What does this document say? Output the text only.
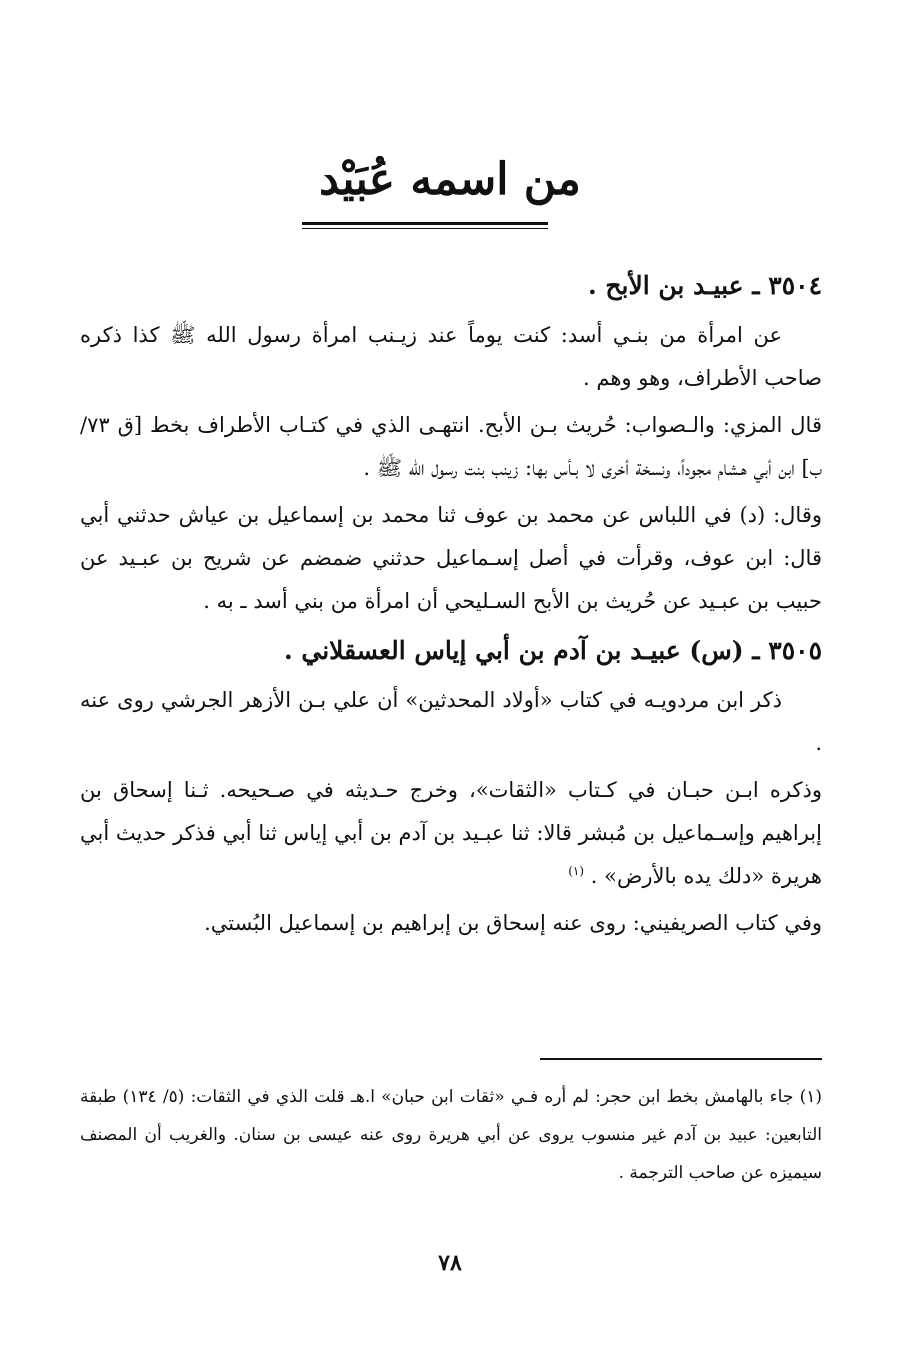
من اسمه عُبَيْد

٣٥٠٤ ـ عبيـد بن الأبح .

عن امرأة من بنـي أسد: كنت يوماً عند زيـنب امرأة رسول الله ﷺ كذا ذكره صاحب الأطراف، وهو وهم .

قال المزي: والـصواب: حُريث بـن الأبح. انتهـى الذي في كتـاب الأطراف بخط [ق ٧٣/ب] ابن أبي هـشام مجوداً، ونسخة أخرى لا بـأس بها: زينب بنت رسول الله ﷺ .

وقال: (د) في اللباس عن محمد بن عوف ثنا محمد بن إسماعيل بن عياش حدثني أبي قال: ابن عوف، وقرأت في أصل إسـماعيل حدثني ضمضم عن شريح بن عبـيد عن حبيب بن عبـيد عن حُريث بن الأبح السـليحي أن امرأة من بني أسد ـ به .

٣٥٠٥ ـ (س) عبيـد بن آدم بن أبي إياس العسقلاني .

ذكر ابن مردويـه في كتاب «أولاد المحدثين» أن علي بـن الأزهر الجرشي روى عنه .

وذكره ابـن حبـان في كـتاب «الثقات»، وخرج حـديثه في صـحيحه. ثـنا إسحاق بن إبراهيم وإسـماعيل بن مُبشر قالا: ثنا عبـيد بن آدم بن أبي إياس ثنا أبي فذكر حديث أبي هريرة «دلك يده بالأرض» . $^{(١)}$

وفي كتاب الصريفيني: روى عنه إسحاق بن إبراهيم بن إسماعيل البُستي.

(١) جاء بالهامش بخط ابن حجر: لم أره فـي «ثقات ابن حبان» ا.هـ قلت الذي في الثقات: (٥/ ١٣٤) طبقة التابعين: عبيد بن آدم غير منسوب يروى عن أبي هريرة روى عنه عيسى بن سنان. والغريب أن المصنف سيميزه عن صاحب الترجمة .

٧٨
